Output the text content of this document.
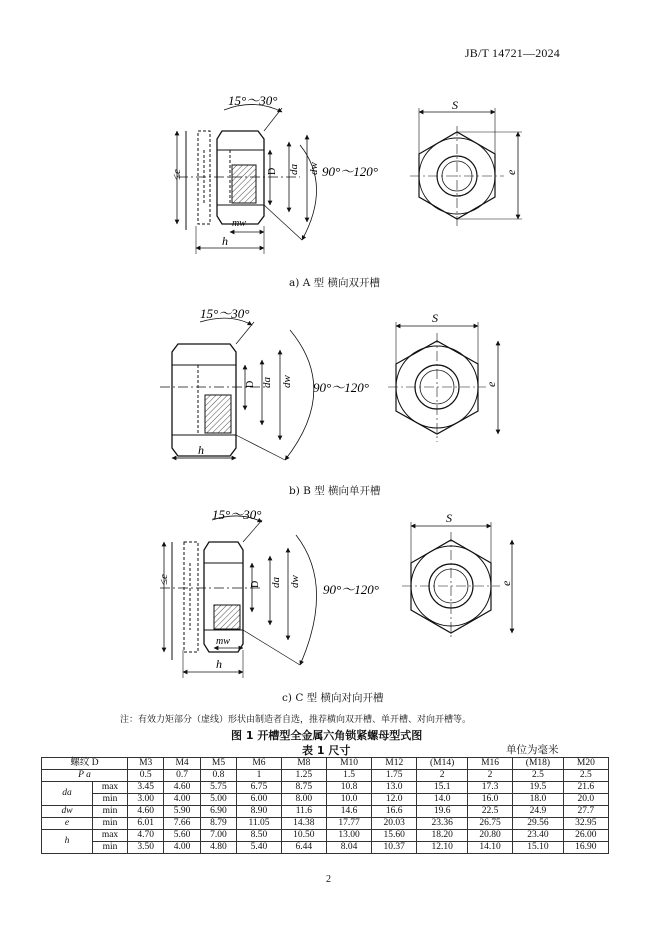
JB/T 14721—2024
15°～30°
90°～120°
≤e	D da dw
mw
h
S
e
15°～30°
90°～120°
D da dw
h
S
e
15°～30°
90°～120°
≤e	D da dw
mw
h
S
e
a) A 型 横向双开槽
b) B 型 横向单开槽
c) C 型 横向对向开槽
注：有效力矩部分（虚线）形状由制造者自选，推荐横向双开槽、单开槽、对向开槽等。
图 1 开槽型全金属六角锁紧螺母型式图
表 1 尺寸	单位为毫米
螺纹 D		M3	M4	M5	M6	M8	M10	M12	(M14)	M16	(M18)	M20
P a		0.5	0.7	0.8	1	1.25	1.5	1.75	2	2	2.5	2.5
da	max	3.45	4.60	5.75	6.75	8.75	10.8	13.0	15.1	17.3	19.5	21.6
	min	3.00	4.00	5.00	6.00	8.00	10.0	12.0	14.0	16.0	18.0	20.0
dw	min	4.60	5.90	6.90	8.90	11.6	14.6	16.6	19.6	22.5	24.9	27.7
e	min	6.01	7.66	8.79	11.05	14.38	17.77	20.03	23.36	26.75	29.56	32.95
h	max	4.70	5.60	7.00	8.50	10.50	13.00	15.60	18.20	20.80	23.40	26.00
	min	3.50	4.00	4.80	5.40	6.44	8.04	10.37	12.10	14.10	15.10	16.90
2
